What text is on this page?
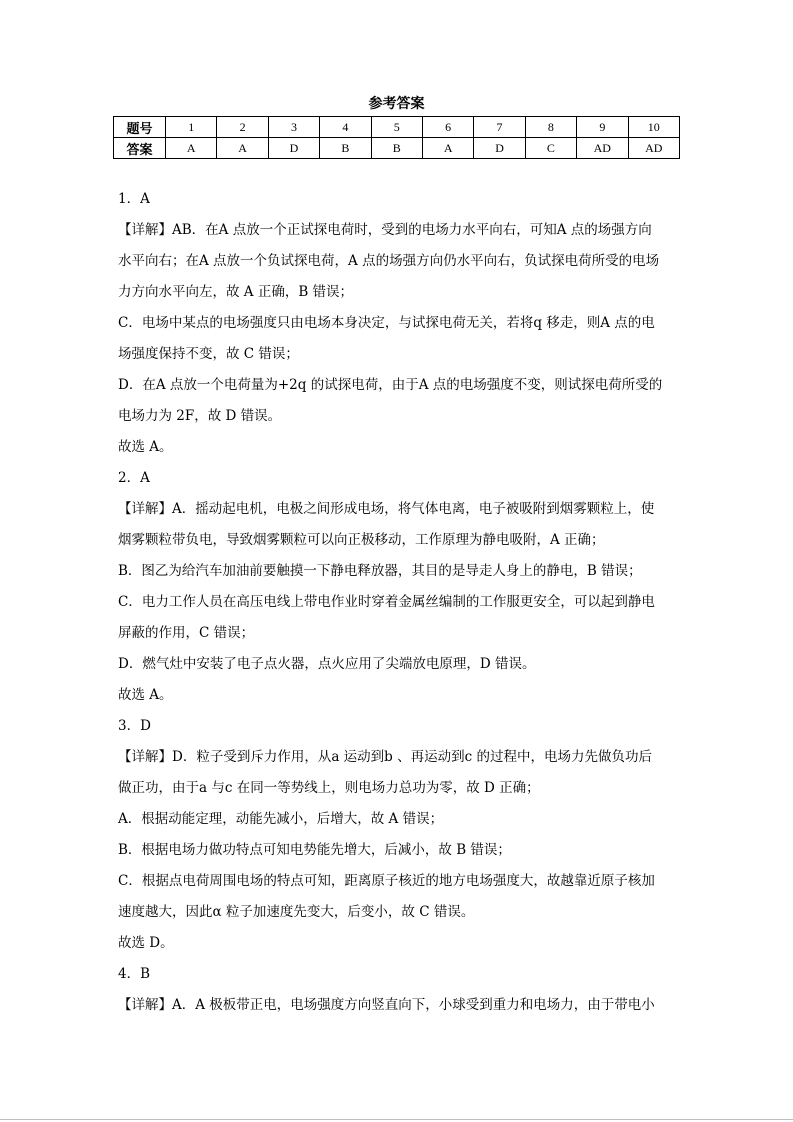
参考答案
题号	1	2	3	4	5	6	7	8	9	10
答案	A	A	D	B	B	A	D	C	AD	AD

1．A

【详解】AB．在A 点放一个正试探电荷时，受到的电场力水平向右，可知A 点的场强方向

水平向右；在A 点放一个负试探电荷，A 点的场强方向仍水平向右，负试探电荷所受的电场

力方向水平向左，故 A 正确，B 错误；

C．电场中某点的电场强度只由电场本身决定，与试探电荷无关，若将q 移走，则A 点的电

场强度保持不变，故 C 错误；

D．在A 点放一个电荷量为+2q 的试探电荷，由于A 点的电场强度不变，则试探电荷所受的

电场力为 2F，故 D 错误。

故选 A。

2．A

【详解】A．摇动起电机，电极之间形成电场，将气体电离，电子被吸附到烟雾颗粒上，使

烟雾颗粒带负电，导致烟雾颗粒可以向正极移动，工作原理为静电吸附，A 正确；

B．图乙为给汽车加油前要触摸一下静电释放器，其目的是导走人身上的静电，B 错误；

C．电力工作人员在高压电线上带电作业时穿着金属丝编制的工作服更安全，可以起到静电

屏蔽的作用，C 错误；

D．燃气灶中安装了电子点火器，点火应用了尖端放电原理，D 错误。

故选 A。

3．D

【详解】D．粒子受到斥力作用，从a 运动到b 、再运动到c 的过程中，电场力先做负功后

做正功，由于a 与c 在同一等势线上，则电场力总功为零，故 D 正确；

A．根据动能定理，动能先减小，后增大，故 A 错误；

B．根据电场力做功特点可知电势能先增大，后减小，故 B 错误；

C．根据点电荷周围电场的特点可知，距离原子核近的地方电场强度大，故越靠近原子核加

速度越大，因此α 粒子加速度先变大，后变小，故 C 错误。

故选 D。

4．B

【详解】A．A 极板带正电，电场强度方向竖直向下，小球受到重力和电场力，由于带电小
